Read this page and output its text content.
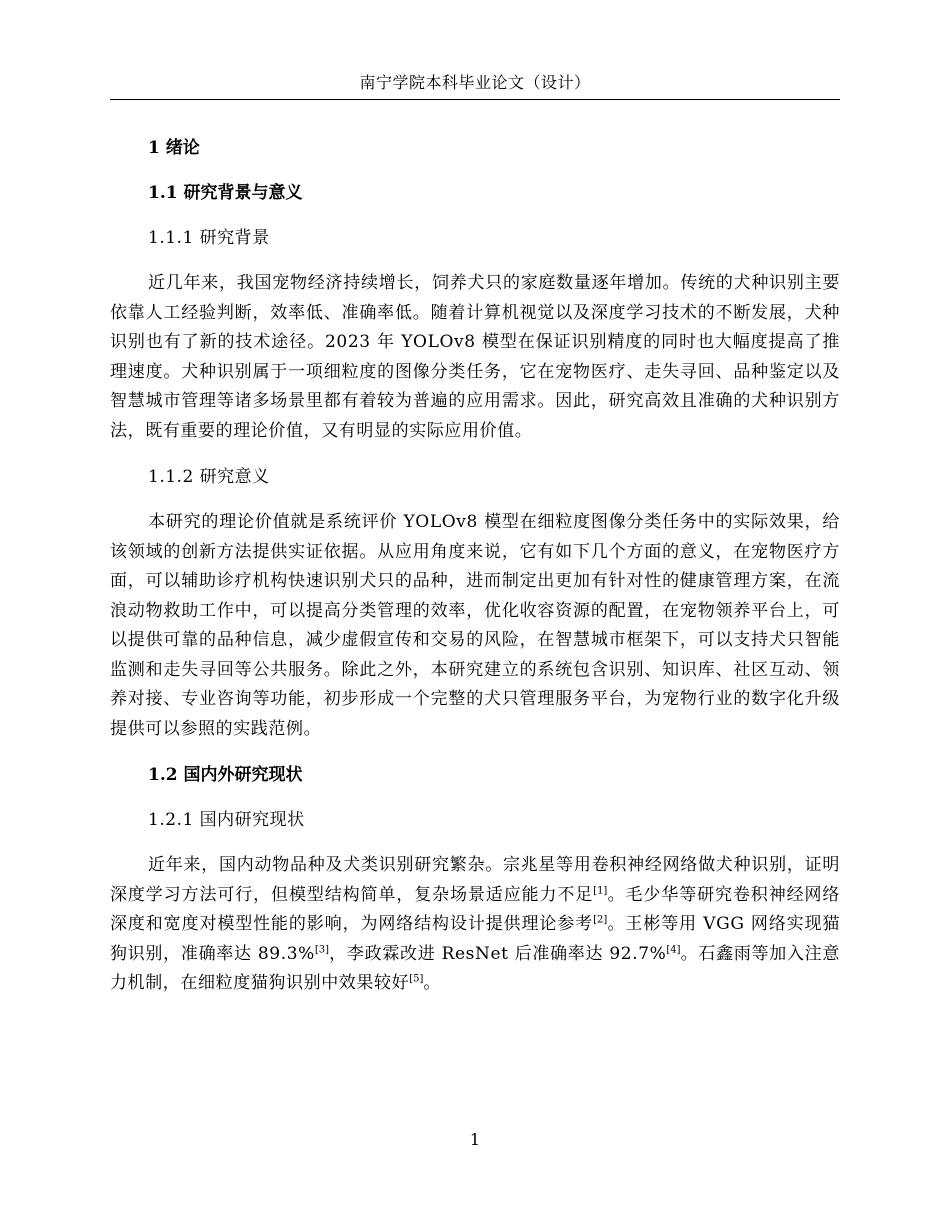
南宁学院本科毕业论文（设计）
1 绪论
1.1 研究背景与意义
1.1.1 研究背景

近几年来，我国宠物经济持续增长，饲养犬只的家庭数量逐年增加。传统的犬种识别主要依靠人工经验判断，效率低、准确率低。随着计算机视觉以及深度学习技术的不断发展，犬种识别也有了新的技术途径。2023 年 YOLOv8 模型在保证识别精度的同时也大幅度提高了推理速度。犬种识别属于一项细粒度的图像分类任务，它在宠物医疗、走失寻回、品种鉴定以及智慧城市管理等诸多场景里都有着较为普遍的应用需求。因此，研究高效且准确的犬种识别方法，既有重要的理论价值，又有明显的实际应用价值。

1.1.2 研究意义

本研究的理论价值就是系统评价 YOLOv8 模型在细粒度图像分类任务中的实际效果，给该领域的创新方法提供实证依据。从应用角度来说，它有如下几个方面的意义，在宠物医疗方面，可以辅助诊疗机构快速识别犬只的品种，进而制定出更加有针对性的健康管理方案，在流浪动物救助工作中，可以提高分类管理的效率，优化收容资源的配置，在宠物领养平台上，可以提供可靠的品种信息，减少虚假宣传和交易的风险，在智慧城市框架下，可以支持犬只智能监测和走失寻回等公共服务。除此之外，本研究建立的系统包含识别、知识库、社区互动、领养对接、专业咨询等功能，初步形成一个完整的犬只管理服务平台，为宠物行业的数字化升级提供可以参照的实践范例。

1.2 国内外研究现状
1.2.1 国内研究现状

近年来，国内动物品种及犬类识别研究繁杂。宗兆星等用卷积神经网络做犬种识别，证明深度学习方法可行，但模型结构简单，复杂场景适应能力不足[1]。毛少华等研究卷积神经网络深度和宽度对模型性能的影响，为网络结构设计提供理论参考[2]。王彬等用 VGG 网络实现猫狗识别，准确率达 89.3%[3]，李政霖改进 ResNet 后准确率达 92.7%[4]。石鑫雨等加入注意力机制，在细粒度猫狗识别中效果较好[5]。

1
